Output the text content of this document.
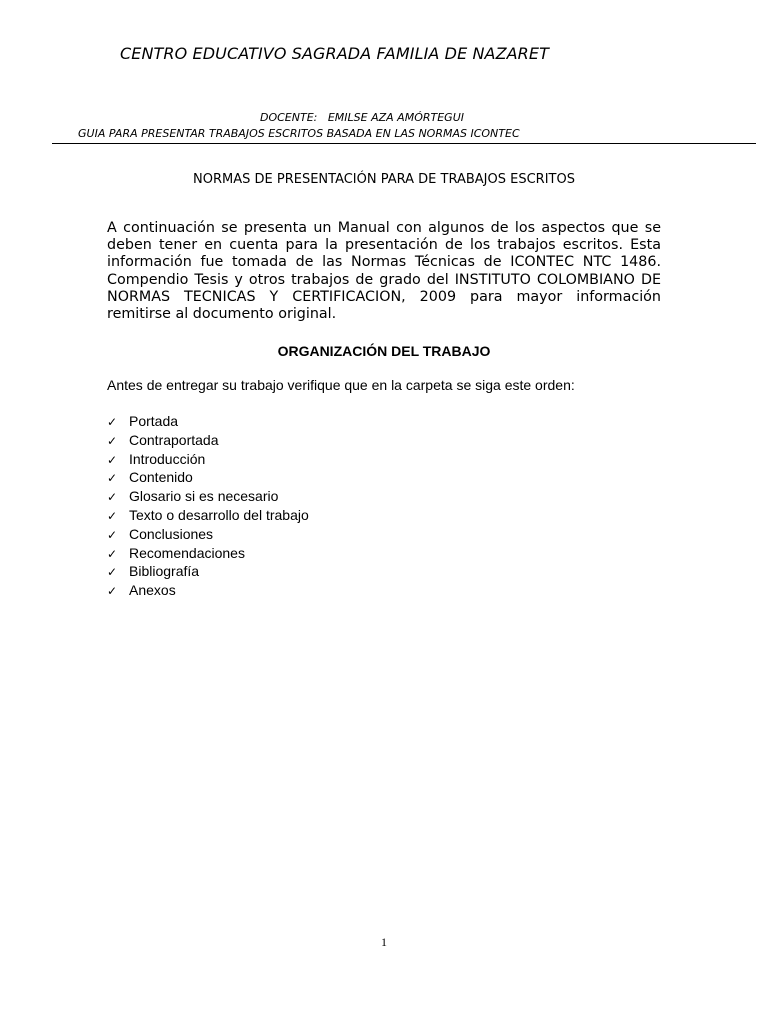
CENTRO EDUCATIVO SAGRADA FAMILIA DE NAZARET
DOCENTE:   EMILSE AZA AMÓRTEGUI
GUIA PARA PRESENTAR TRABAJOS ESCRITOS BASADA EN LAS NORMAS ICONTEC
NORMAS DE PRESENTACIÓN PARA DE TRABAJOS ESCRITOS

A continuación se presenta un Manual con algunos de los aspectos que se deben tener en cuenta para la presentación de los trabajos escritos. Esta información fue tomada de las Normas Técnicas de ICONTEC NTC 1486. Compendio Tesis y otros trabajos de grado del INSTITUTO COLOMBIANO DE NORMAS TECNICAS Y CERTIFICACION, 2009 para mayor información remitirse al documento original.

ORGANIZACIÓN DEL TRABAJO
Antes de entregar su trabajo verifique que en la carpeta se siga este orden:
✓ Portada
✓ Contraportada
✓ Introducción
✓ Contenido
✓ Glosario si es necesario
✓ Texto o desarrollo del trabajo
✓ Conclusiones
✓ Recomendaciones
✓ Bibliografía
✓ Anexos
1
